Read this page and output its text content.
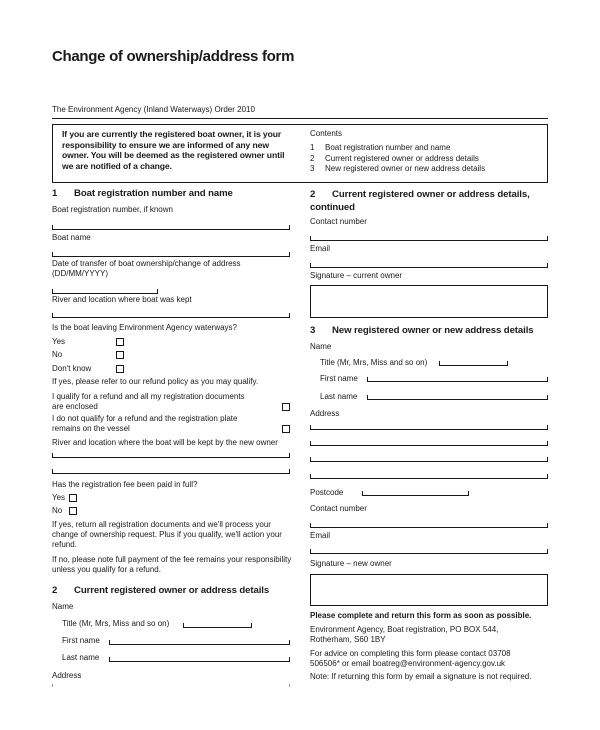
Change of ownership/address form
The Environment Agency (Inland Waterways) Order 2010
If you are currently the registered boat owner, it is your responsibility to ensure we are informed of any new owner. You will be deemed as the registered owner until we are notified of a change.
Contents
1 Boat registration number and name
2 Current registered owner or address details
3 New registered owner or new address details
1 Boat registration number and name
Boat registration number, if known
Boat name
Date of transfer of boat ownership/change of address
(DD/MM/YYYY)
River and location where boat was kept
Is the boat leaving Environment Agency waterways?
Yes
No
Don't know
If yes, please refer to our refund policy as you may qualify.
I qualify for a refund and all my registration documents
are enclosed
I do not qualify for a refund and the registration plate
remains on the vessel
River and location where the boat will be kept by the new owner
Has the registration fee been paid in full?
Yes
No
If yes, return all registration documents and we'll process your change of ownership request. Plus if you qualify, we'll action your refund.
If no, please note full payment of the fee remains your responsibility unless you qualify for a refund.
2 Current registered owner or address details
Name
Title (Mr, Mrs, Miss and so on)
First name
Last name
Address
2 Current registered owner or address details,
continued
Contact number
Email
Signature – current owner
3 New registered owner or new address details
Name
Title (Mr, Mrs, Miss and so on)
First name
Last name
Address
Postcode
Contact number
Email
Signature – new owner
Please complete and return this form as soon as possible.
Environment Agency, Boat registration, PO BOX 544,
Rotherham, S60 1BY
For advice on completing this form please contact 03708
506506* or email boatreg@environment-agency.gov.uk
Note: If returning this form by email a signature is not required.
